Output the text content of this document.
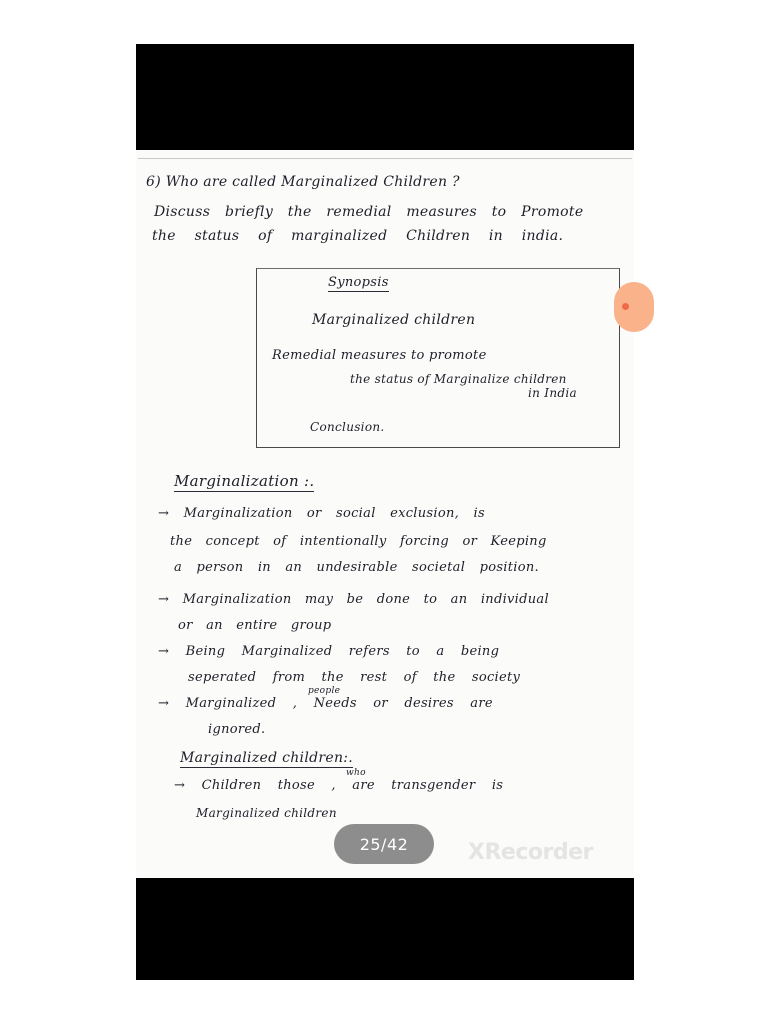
6) Who are called Marginalized Children ?
Discuss briefly the remedial measures to Promote
the status of marginalized Children in india.
Synopsis
Marginalized children
Remedial measures to promote
the status of Marginalize children
in India
Conclusion.
Marginalization :.
→ Marginalization or social exclusion, is
the concept of intentionally forcing or Keeping
a person in an undesirable societal position.
→ Marginalization may be done to an individual
or an entire group
→ Being Marginalized refers to a being
seperated from the rest of the society
people
→ Marginalized , Needs or desires are
ignored.
Marginalized children:.
who
→ Children those , are transgender is
Marginalized children
XRecorder
25/42
